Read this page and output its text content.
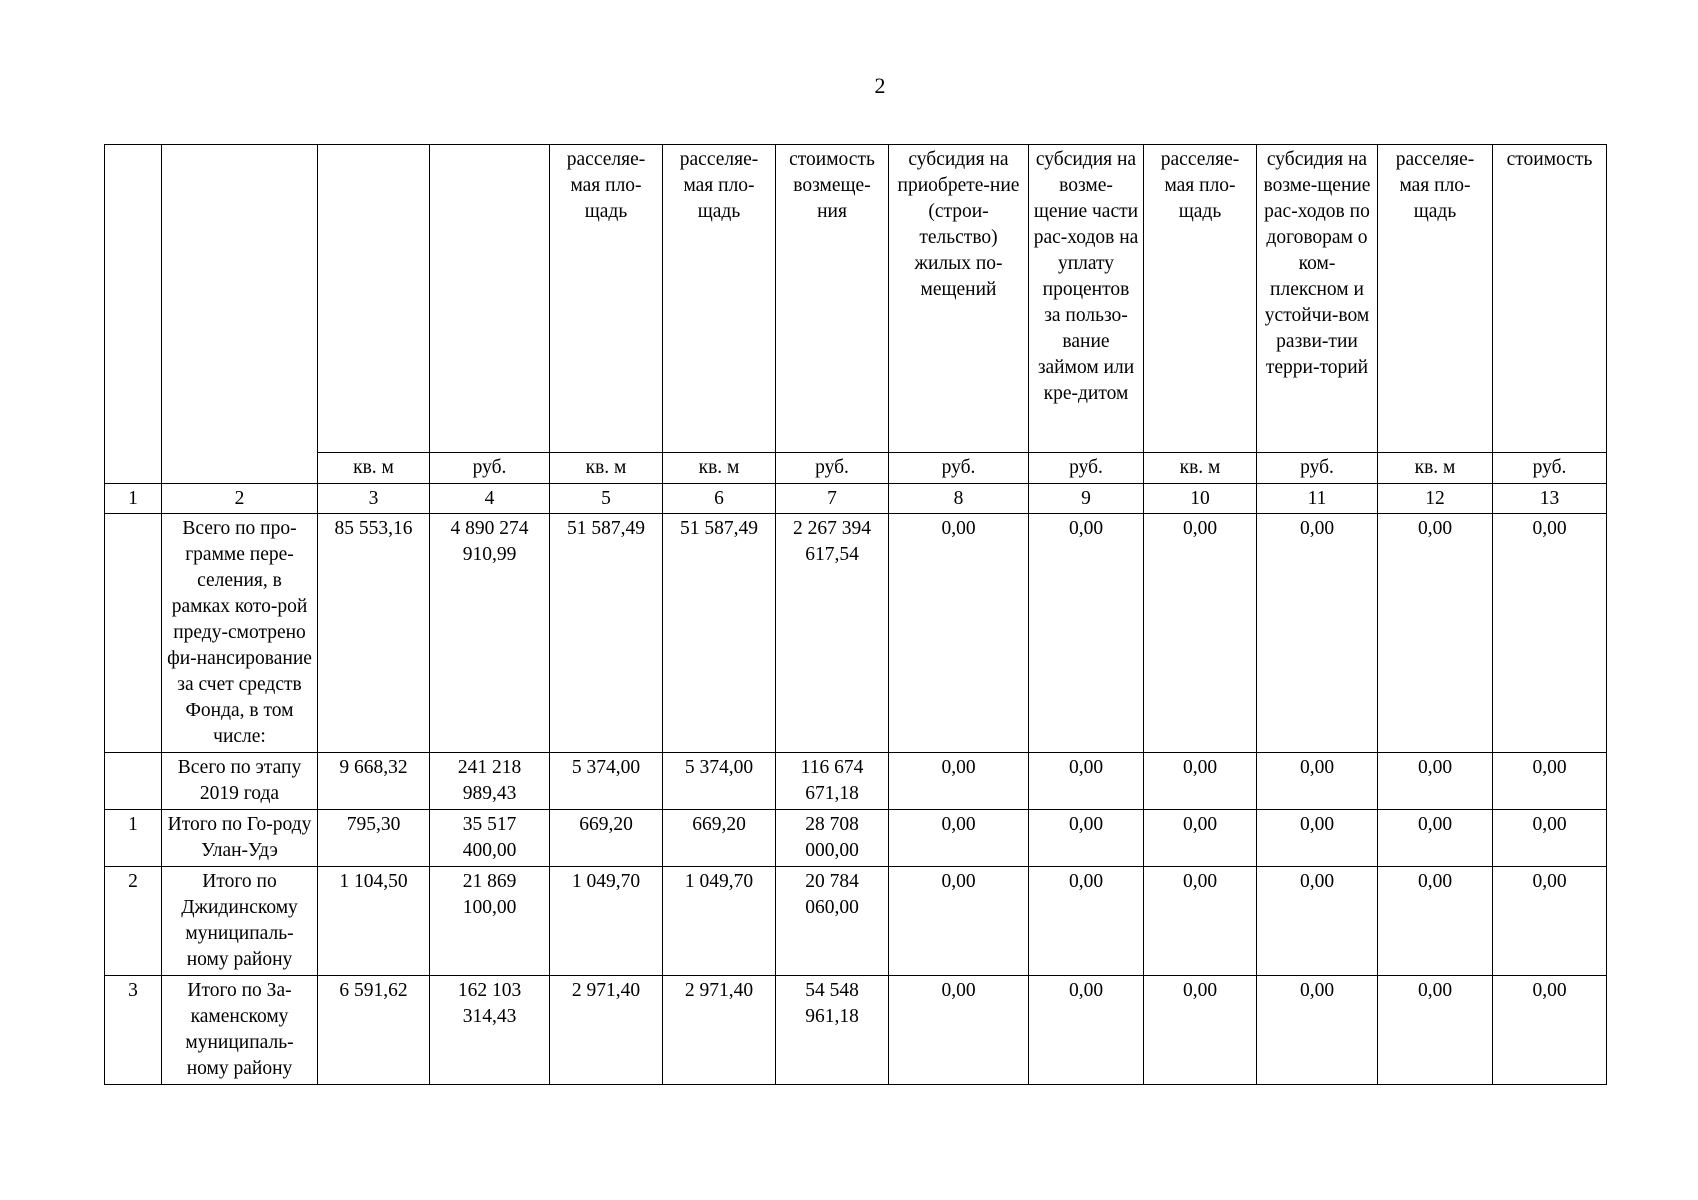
2
				расселяе-мая пло-щадь	расселяе-мая пло-щадь	стоимость возмеще-ния	субсидия на приобрете-ние (строи-тельство) жилых по-мещений	субсидия на возме-щение части рас-ходов на уплату процентов за пользо-вание займом или кре-дитом	расселяе-мая пло-щадь	субсидия на возме-щение рас-ходов по договорам о ком-плексном и устойчи-вом разви-тии терри-торий	расселяе-мая пло-щадь	стоимость
		кв. м	руб.	кв. м	кв. м	руб.	руб.	руб.	кв. м	руб.	кв. м	руб.
1	2	3	4	5	6	7	8	9	10	11	12	13
	Всего по про-грамме пере-селения, в рамках кото-рой преду-смотрено фи-нансирование за счет средств Фонда, в том числе:	85 553,16	4 890 274 910,99	51 587,49	51 587,49	2 267 394 617,54	0,00	0,00	0,00	0,00	0,00	0,00
	Всего по этапу 2019 года	9 668,32	241 218 989,43	5 374,00	5 374,00	116 674 671,18	0,00	0,00	0,00	0,00	0,00	0,00
1	Итого по Го-роду Улан-Удэ	795,30	35 517 400,00	669,20	669,20	28 708 000,00	0,00	0,00	0,00	0,00	0,00	0,00
2	Итого по Джидинскому муниципаль-ному району	1 104,50	21 869 100,00	1 049,70	1 049,70	20 784 060,00	0,00	0,00	0,00	0,00	0,00	0,00
3	Итого по За-каменскому муниципаль-ному району	6 591,62	162 103 314,43	2 971,40	2 971,40	54 548 961,18	0,00	0,00	0,00	0,00	0,00	0,00
